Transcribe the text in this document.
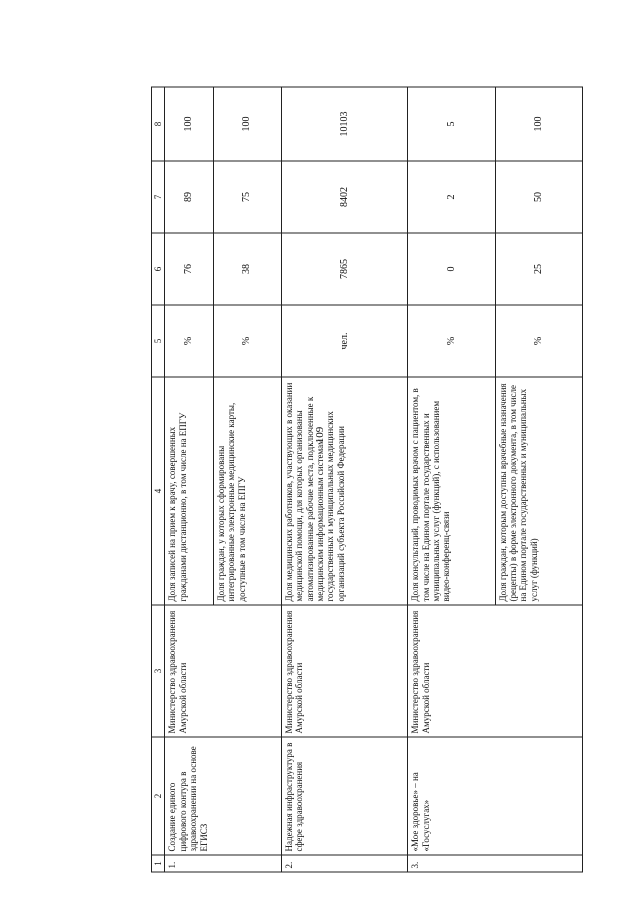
109
1	2	3	4	5	6	7	8
1.	Создание единого цифрового контура в здравоохранении на основе ЕГИСЗ	Министерство здравоохранения Амурской области	Доля записей на прием к врачу, совершенных гражданами дистанционно, в том числе на ЕПГУ	%	76	89	100
			Доля граждан, у которых сформированы интегрированные электронные медицинские карты, доступные в том числе на ЕПГУ	%	38	75	100
2.	Надежная инфраструктура в сфере здравоохранения	Министерство здравоохранения Амурской области	Доля медицинских работников, участвующих в оказании медицинской помощи, для которых организованы автоматизированные рабочие места, подключенные к медицинским информационным системам государственных и муниципальных медицинских организаций субъекта Российской Федерации	чел.	7865	8402	10103
3.	«Мое здоровье» – на «Госуслугах»	Министерство здравоохранения Амурской области	Доля консультаций, проводимых врачом с пациентом, в том числе на Едином портале государственных и муниципальных услуг (функций), с использованием видео-конференц-связи	%	0	2	5
			Доля граждан, которым доступны врачебные назначения (рецепты) в форме электронного документа, в том числе на Едином портале государственных и муниципальных услуг (функций)	%	25	50	100
